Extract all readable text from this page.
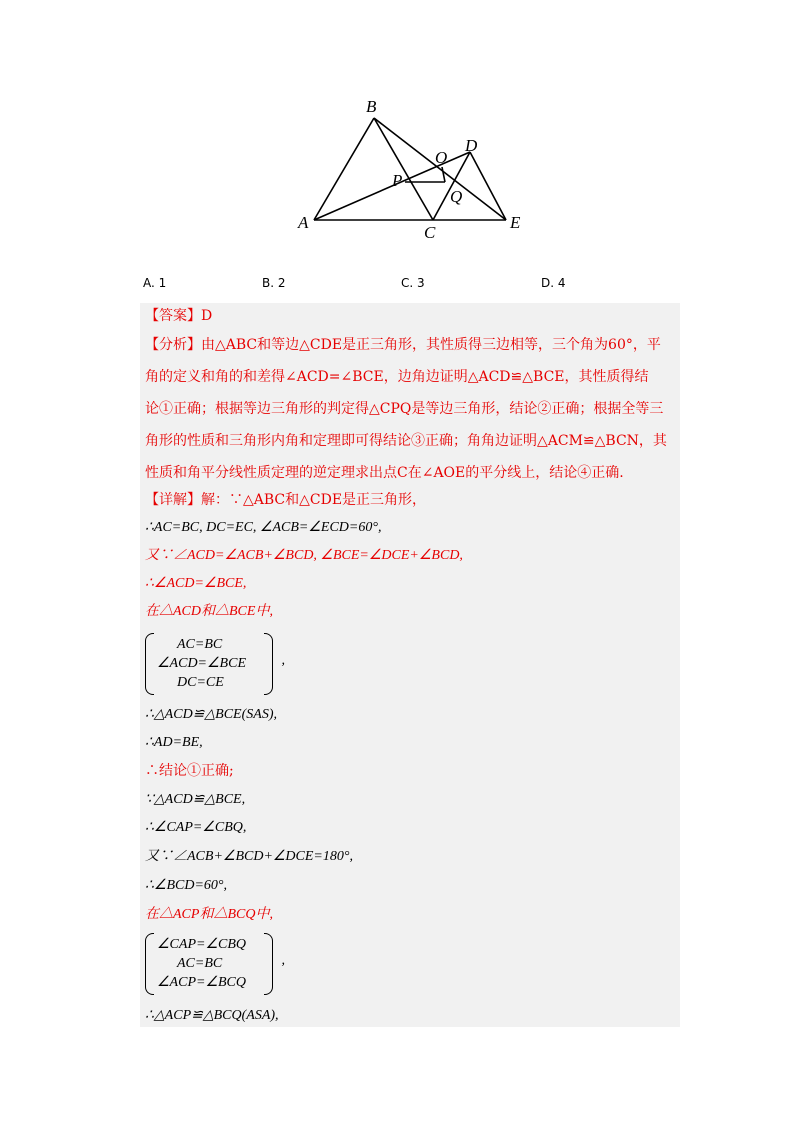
B
A
C
E
D
O
P
Q
A. 1	B. 2	C. 3	D. 4
【答案】D
【分析】由△ABC和等边△CDE是正三角形，其性质得三边相等，三个角为60°，平
角的定义和角的和差得∠ACD=∠BCE，边角边证明△ACD≌△BCE，其性质得结
论①正确；根据等边三角形的判定得△CPQ是等边三角形，结论②正确；根据全等三
角形的性质和三角形内角和定理即可得结论③正确；角角边证明△ACM≌△BCN，其
性质和角平分线性质定理的逆定理求出点C在∠AOE的平分线上，结论④正确.
【详解】解：∵△ABC和△CDE是正三角形，
∴AC=BC, DC=EC, ∠ACB=∠ECD=60°,
又∵∠ACD=∠ACB+∠BCD, ∠BCE=∠DCE+∠BCD,
∴∠ACD=∠BCE,
在△ACD和△BCE中,
AC=BC
∠ACD=∠BCE
DC=CE
,
∴△ACD≌△BCE(SAS),
∴AD=BE,
∴结论①正确;
∵△ACD≌△BCE,
∴∠CAP=∠CBQ,
又∵∠ACB+∠BCD+∠DCE=180°,
∴∠BCD=60°,
在△ACP和△BCQ中,
∠CAP=∠CBQ
AC=BC
∠ACP=∠BCQ
,
∴△ACP≌△BCQ(ASA),
